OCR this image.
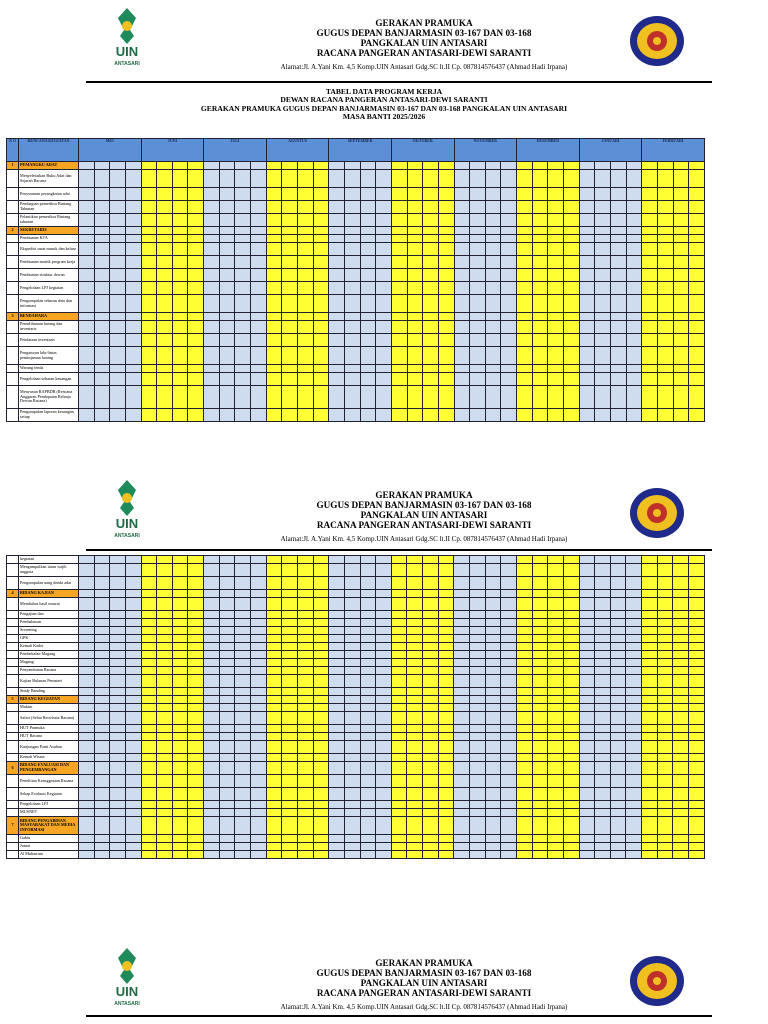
UIN
ANTASARI
GERAKAN PRAMUKA
GUGUS DEPAN BANJARMASIN 03-167 DAN 03-168
PANGKALAN UIN ANTASARI
RACANA PANGERAN ANTASARI-DEWI SARANTI
Alamat:Jl. A.Yani Km. 4,5 Komp.UIN Antasari Gdg.SC lt.II Cp. 087814576437 (Ahmad Hadi Irpana)
TABEL DATA PROGRAM KERJA
DEWAN RACANA PANGERAN ANTASARI-DEWI SARANTI
GERAKAN PRAMUKA GUGUS DEPAN BANJARMASIN 03-167 DAN 03-168 PANGKALAN UIN ANTASARI
MASA BANTI 2025/2026
N O	RENCANA KEGIATAN	MEI				JUNI				JULI				AGUSTUS				SEPTEMBER				OKTOBER				NOVEMBER				DESEMBER				JANUARI				FEBRUARI			
1	PEMANGKU ADAT																																								
	Menyelesaikan Buku Adat dan Sejarah Racana																																								
	Penyusunan perangkatan adat																																								
	Pembagian pemeriksa Bintang Tahunan																																								
	Pelantikan pemeriksa Bintang tahunan																																								
2	SEKRETARIS																																								
	Pembuatan KTA																																								
	Ekspedisi surat masuk dan keluar																																								
	Pembuatan matrik program kerja																																								
	Pembuatan struktur dewan																																								
	Pengelolaan LPJ kegiatan																																								
	Pengumpulan sebaran data dan informasi																																								
3	BENDAHARA																																								
	Pemeliharaan barang dan inventaris																																								
	Pendataan inventaris																																								
	Pengaturan lalu-lintas peminjaman barang																																								
	Warung tenda																																								
	Pengelolaan sebaran keuangan																																								
	Menyusun RAPBDR (Rencana Anggaran Pendapatan Belanja Dewan Racana)																																								
	Pengumpulan laporan keuangan setiap																																								
UIN
ANTASARI
GERAKAN PRAMUKA
GUGUS DEPAN BANJARMASIN 03-167 DAN 03-168
PANGKALAN UIN ANTASARI
RACANA PANGERAN ANTASARI-DEWI SARANTI
Alamat:Jl. A.Yani Km. 4,5 Komp.UIN Antasari Gdg.SC lt.II Cp. 087814576437 (Ahmad Hadi Irpana)
	kegiatan																																								
	Mengumpulkan iuran wajib anggota																																								
	Pengumpulan uang denda adat																																								
4	BIDANG KAJIAN																																								
	Membahas hasil musrat																																								
	Pengajian dan																																								
	Pembahasan																																								
	Screening																																								
	GPK																																								
	Kemah Kader																																								
	Pembekalan Magang																																								
	Magang																																								
	Penyambutan Racana																																								
	Kajian Bulanan Pemateri																																								
	Study Banding																																								
5	BIDANG KEGIATAN																																								
	Mukim																																								
	Safari (Sehat Berwisata Racana)																																								
	HUT Pramuka																																								
	HUT Racana																																								
	Kunjungan Panti Asuhan																																								
	Kemah Wisata																																								
6	BIDANG EVALUASI DAN PENGEMBANGAN																																								
	Penelitian Keanggotaan Racana																																								
	Sekap Evaluasi Kegiatan																																								
	Pengelolaan LPJ																																								
	MUSNET																																								
7	BIDANG PENGABDIAN MASYARAKAT DAN MEDIA INFORMASI																																								
	Gaktu																																								
	Jumat																																								
	Al Muharram																																								
UIN
ANTASARI
GERAKAN PRAMUKA
GUGUS DEPAN BANJARMASIN 03-167 DAN 03-168
PANGKALAN UIN ANTASARI
RACANA PANGERAN ANTASARI-DEWI SARANTI
Alamat:Jl. A.Yani Km. 4,5 Komp.UIN Antasari Gdg.SC lt.II Cp. 087814576437 (Ahmad Hadi Irpana)
